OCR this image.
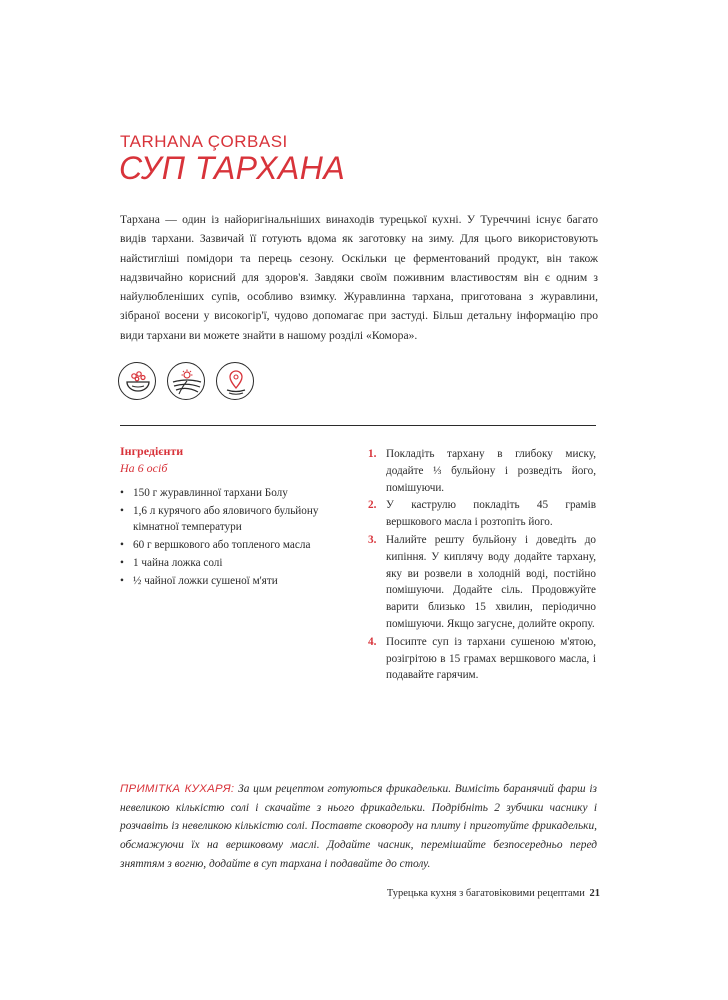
TARHANA ÇORBASI
СУП ТАРХАНА

Тархана — один із найоригінальніших винаходів турецької кухні. У Туреччині існує багато видів тархани. Зазвичай її готують вдома як заготовку на зиму. Для цього використовують найстигліші помідори та перець сезону. Оскільки це ферментований продукт, він також надзвичайно корисний для здоров'я. Завдяки своїм поживним властивостям він є одним з найулюбленіших супів, особливо взимку. Журавлинна тархана, приготована з журавлини, зібраної восени у високогір'ї, чудово допомагає при застуді. Більш детальну інформацію про види тархани ви можете знайти в нашому розділі «Комора».

Інгредієнти
На 6 осіб
• 150 г журавлинної тархани Болу
• 1,6 л курячого або яловичого бульйону кімнатної температури
• 60 г вершкового або топленого масла
• 1 чайна ложка солі
• ½ чайної ложки сушеної м'яти
1. Покладіть тархану в глибоку миску, додайте ⅓ бульйону і розведіть його, помішуючи.
2. У каструлю покладіть 45 грамів вершкового масла і розтопіть його.
3. Налийте решту бульйону і доведіть до кипіння. У киплячу воду додайте тархану, яку ви розвели в холодній воді, постійно помішуючи. Додайте сіль. Продовжуйте варити близько 15 хвилин, періодично помішуючи. Якщо загусне, долийте окропу.
4. Посипте суп із тархани сушеною м'ятою, розігрітою в 15 грамах вершкового масла, і подавайте гарячим.

ПРИМІТКА КУХАРЯ: За цим рецептом готуються фрикадельки. Вимісіть баранячий фарш із невеликою кількістю солі і скачайте з нього фрикадельки. Подрібніть 2 зубчики часнику і розчавіть із невеликою кількістю солі. Поставте сковороду на плиту і приготуйте фрикадельки, обсмажуючи їх на вершковому маслі. Додайте часник, перемішайте безпосередньо перед зняттям з вогню, додайте в суп тархана і подавайте до столу.

Турецька кухня з багатовіковими рецептами 21
